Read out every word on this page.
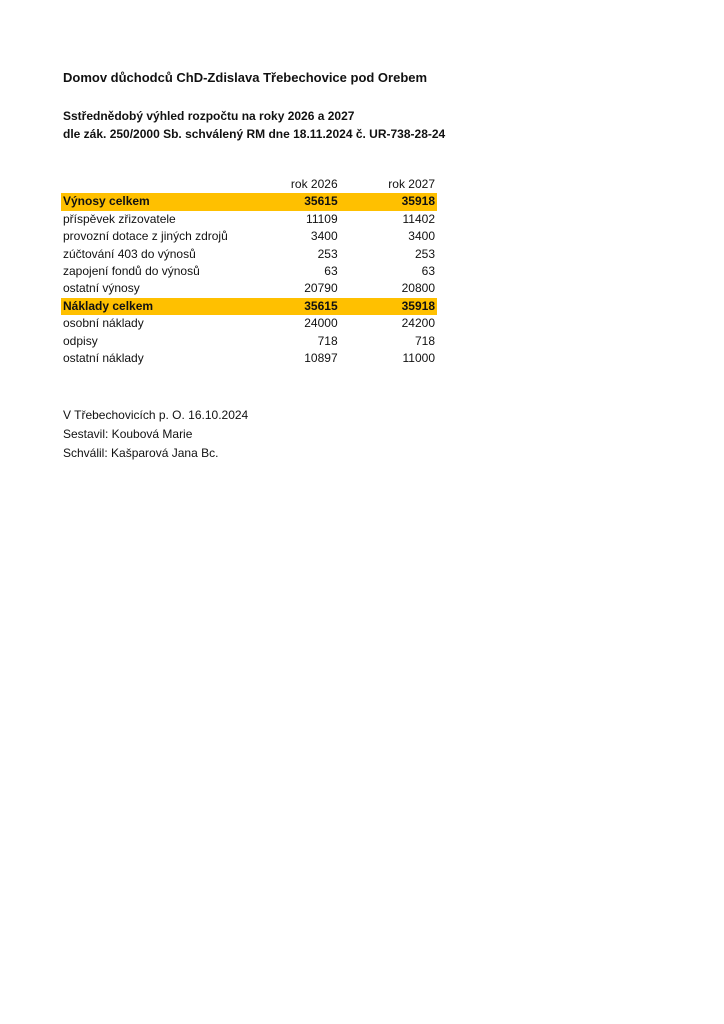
Domov důchodců ChD-Zdislava Třebechovice pod Orebem
Sstřednědobý výhled rozpočtu na roky 2026 a 2027
dle zák. 250/2000 Sb. schválený RM dne 18.11.2024 č. UR-738-28-24
	rok 2026	rok 2027
Výnosy celkem	35615	35918
příspěvek zřizovatele	11109	11402
provozní dotace z jiných zdrojů	3400	3400
zúčtování 403 do výnosů	253	253
zapojení fondů do výnosů	63	63
ostatní výnosy	20790	20800
Náklady celkem	35615	35918
osobní náklady	24000	24200
odpisy	718	718
ostatní náklady	10897	11000
V Třebechovicích p. O. 16.10.2024
Sestavil: Koubová Marie
Schválil: Kašparová Jana Bc.
